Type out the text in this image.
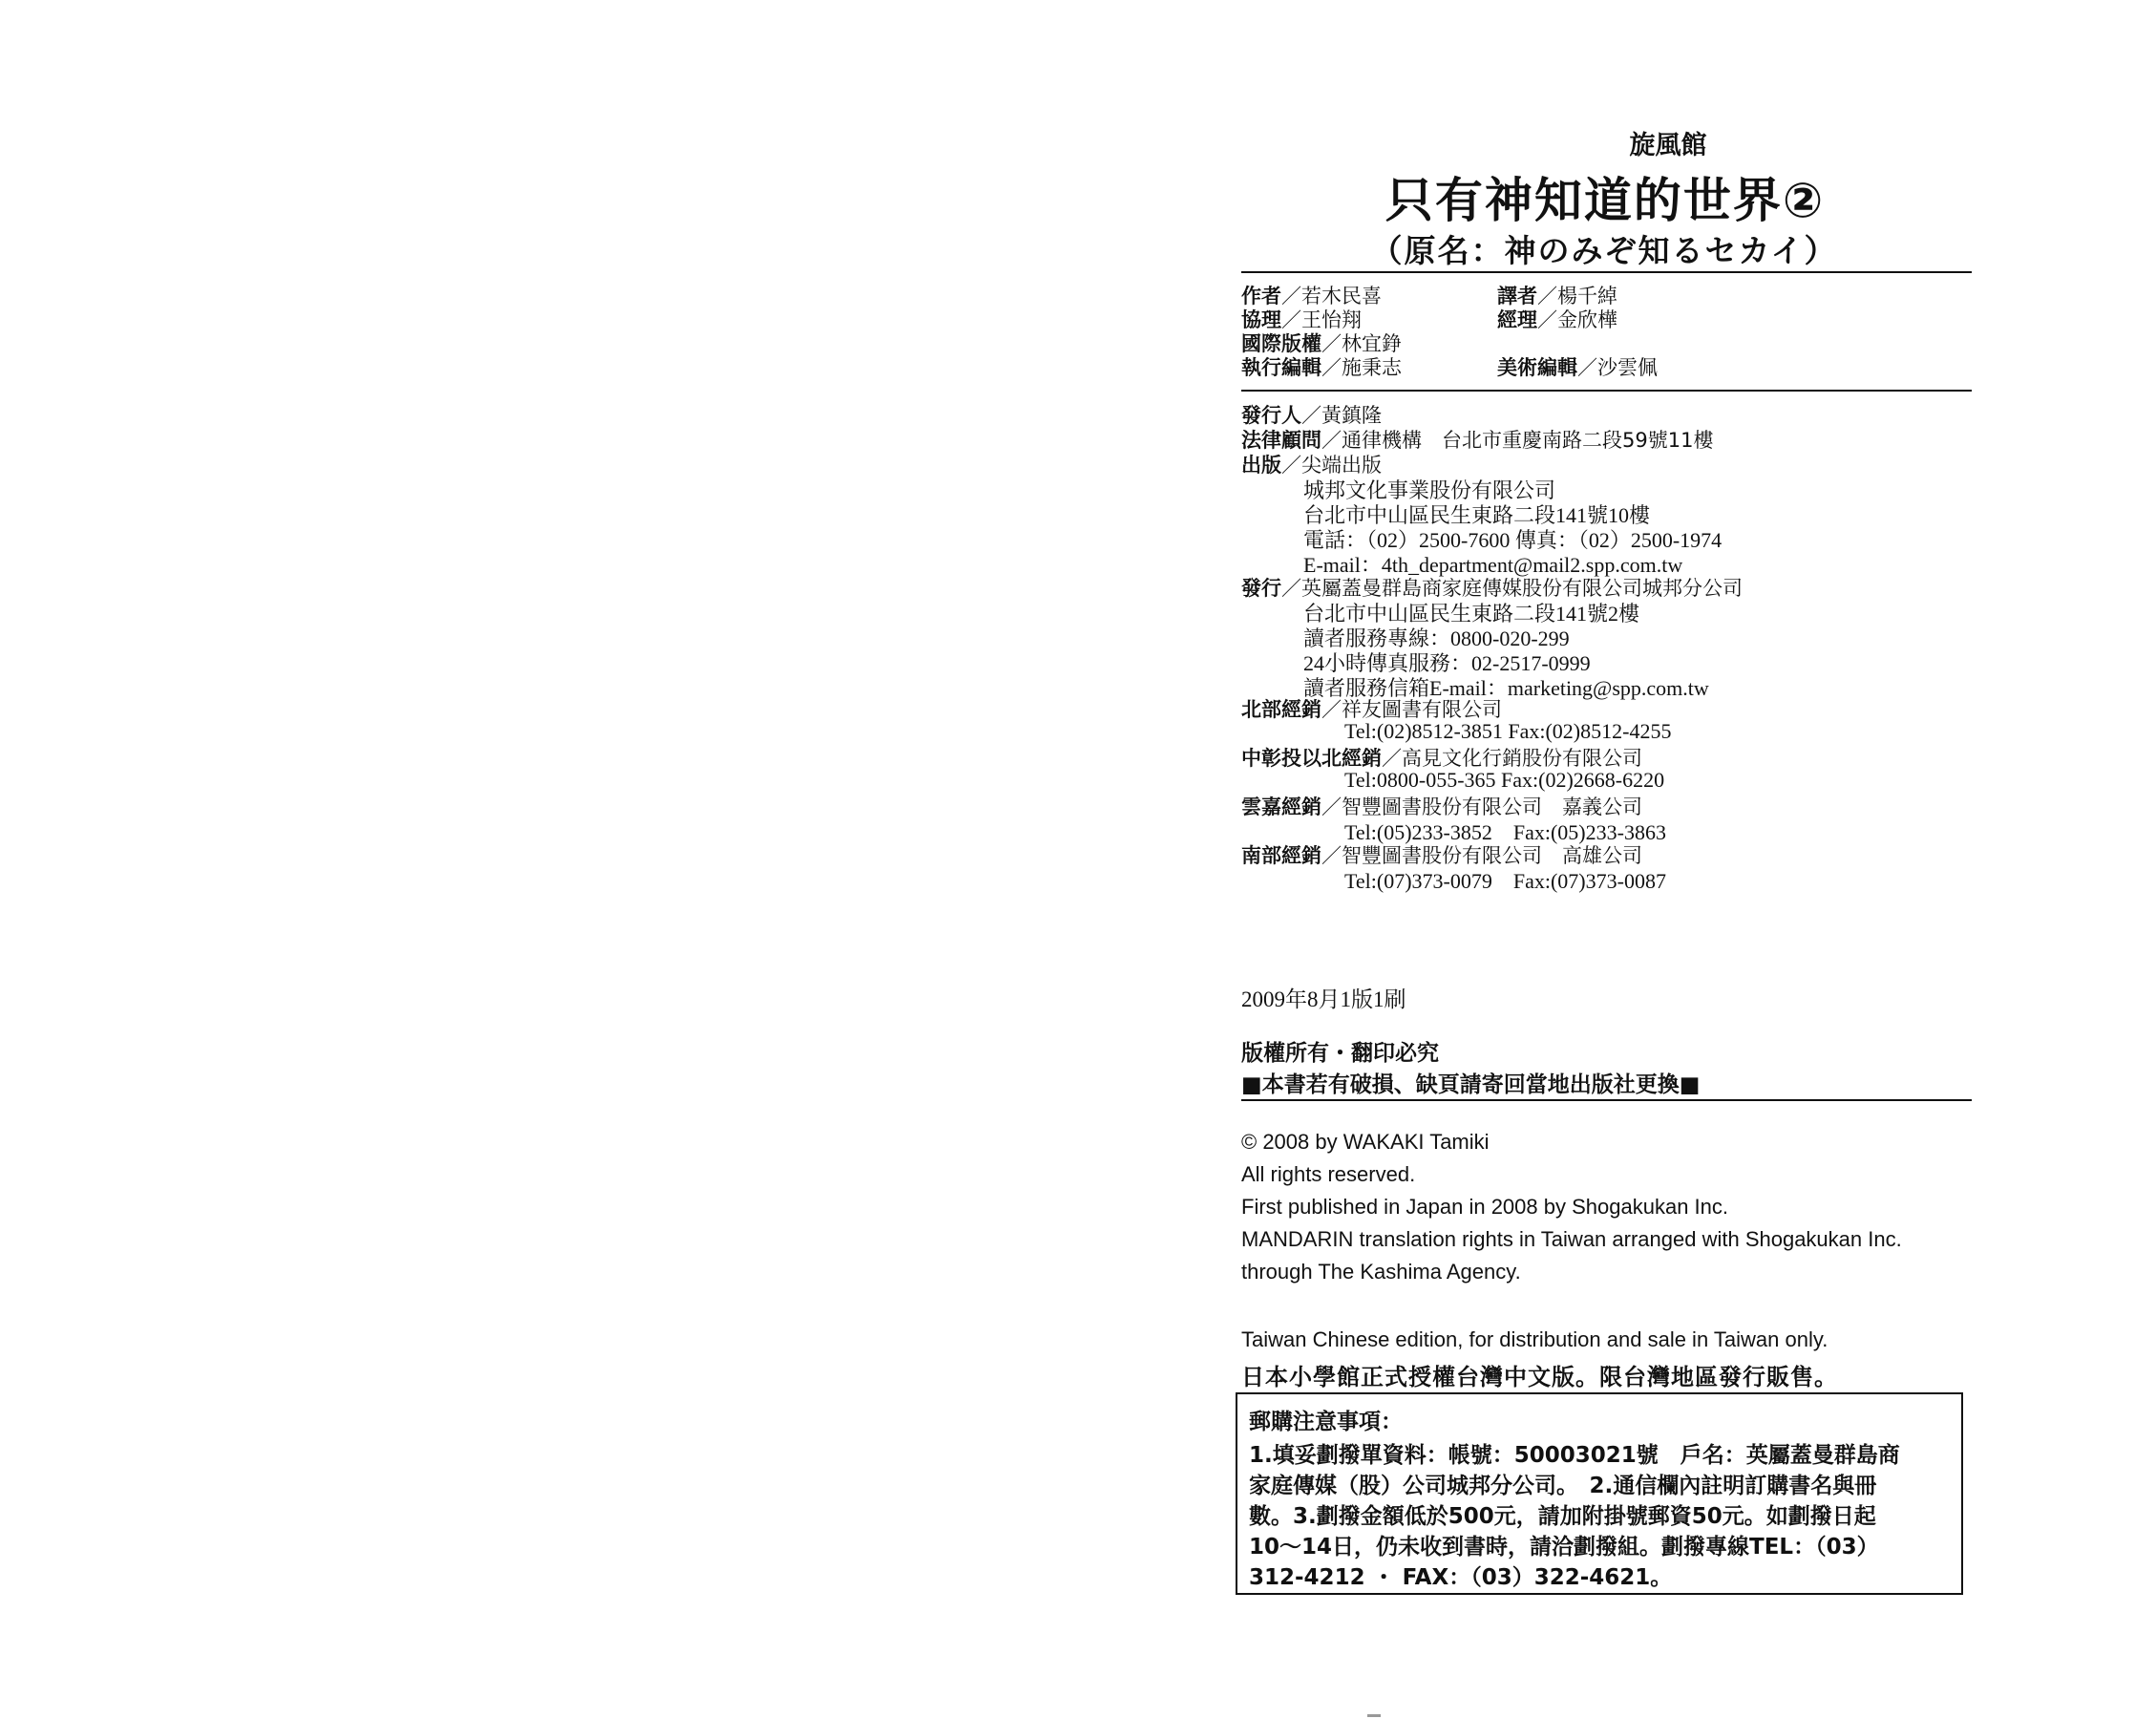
旋風館
只有神知道的世界②
（原名：神のみぞ知るセカイ）
作者／若木民喜	譯者／楊千綽
協理／王怡翔	經理／金欣樺
國際版權／林宜錚
執行編輯／施秉志	美術編輯／沙雲佩
發行人／黃鎮隆
法律顧問／通律機構　台北市重慶南路二段59號11樓
出版／尖端出版
城邦文化事業股份有限公司
台北市中山區民生東路二段141號10樓
電話：（02）2500-7600 傳真：（02）2500-1974
E-mail：4th_department@mail2.spp.com.tw
發行／英屬蓋曼群島商家庭傳媒股份有限公司城邦分公司
台北市中山區民生東路二段141號2樓
讀者服務專線：0800-020-299
24小時傳真服務：02-2517-0999
讀者服務信箱E-mail：marketing@spp.com.tw
北部經銷／祥友圖書有限公司
Tel:(02)8512-3851 Fax:(02)8512-4255
中彰投以北經銷／高見文化行銷股份有限公司
Tel:0800-055-365 Fax:(02)2668-6220
雲嘉經銷／智豐圖書股份有限公司　嘉義公司
Tel:(05)233-3852　Fax:(05)233-3863
南部經銷／智豐圖書股份有限公司　高雄公司
Tel:(07)373-0079　Fax:(07)373-0087
2009年8月1版1刷
版權所有・翻印必究
■本書若有破損、缺頁請寄回當地出版社更換■
© 2008 by WAKAKI Tamiki
All rights reserved.
First published in Japan in 2008 by Shogakukan Inc.
MANDARIN translation rights in Taiwan arranged with Shogakukan Inc.
through The Kashima Agency.
Taiwan Chinese edition, for distribution and sale in Taiwan only.
日本小學館正式授權台灣中文版。限台灣地區發行販售。
郵購注意事項：
1.填妥劃撥單資料：帳號：50003021號　戶名：英屬蓋曼群島商
家庭傳媒（股）公司城邦分公司。　2.通信欄內註明訂購書名與冊
數。3.劃撥金額低於500元，請加附掛號郵資50元。如劃撥日起
10～14日，仍未收到書時，請洽劃撥組。劃撥專線TEL：（03）
312-4212 ・ FAX：（03）322-4621。
